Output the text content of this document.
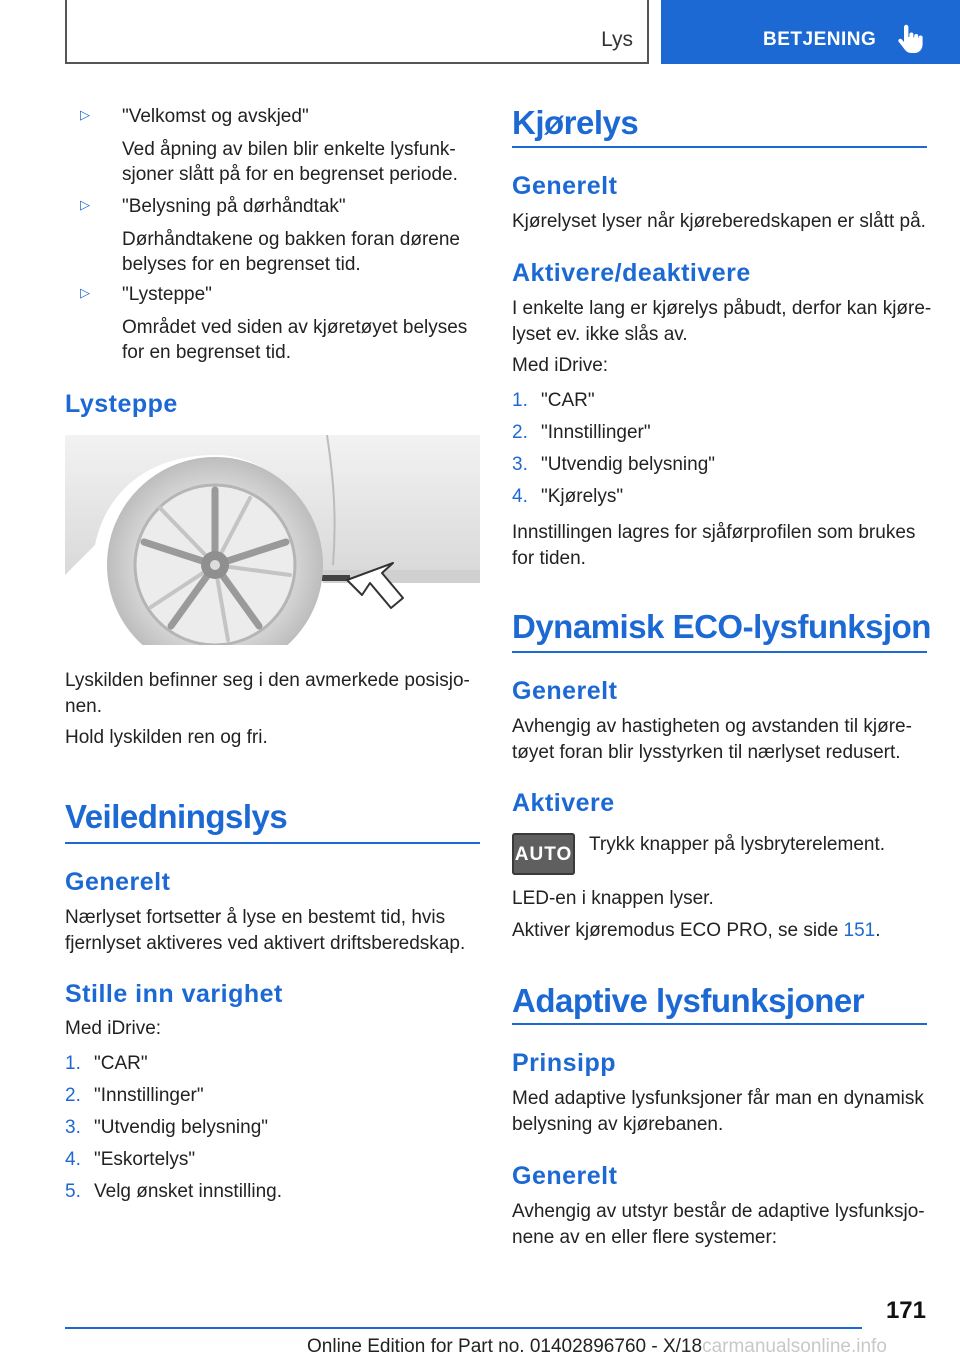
Lys	BETJENING
▷ "Velkomst og avskjed"
Ved åpning av bilen blir enkelte lysfunk-
sjoner slått på for en begrenset periode.
▷ "Belysning på dørhåndtak"
Dørhåndtakene og bakken foran dørene
belyses for en begrenset tid.
▷ "Lysteppe"
Området ved siden av kjøretøyet belyses
for en begrenset tid.
Lysteppe
Lyskilden befinner seg i den avmerkede posisjo-
nen.
Hold lyskilden ren og fri.
Veiledningslys
Generelt
Nærlyset fortsetter å lyse en bestemt tid, hvis
fjernlyset aktiveres ved aktivert driftsberedskap.
Stille inn varighet
Med iDrive:
1. "CAR"
2. "Innstillinger"
3. "Utvendig belysning"
4. "Eskortelys"
5. Velg ønsket innstilling.
Kjørelys
Generelt
Kjørelyset lyser når kjøreberedskapen er slått på.
Aktivere/deaktivere
I enkelte lang er kjørelys påbudt, derfor kan kjøre-
lyset ev. ikke slås av.
Med iDrive:
1. "CAR"
2. "Innstillinger"
3. "Utvendig belysning"
4. "Kjørelys"
Innstillingen lagres for sjåførprofilen som brukes
for tiden.
Dynamisk ECO-lysfunksjon
Generelt
Avhengig av hastigheten og avstanden til kjøre-
tøyet foran blir lysstyrken til nærlyset redusert.
Aktivere
AUTO Trykk knapper på lysbryterelement.
LED-en i knappen lyser.
Aktiver kjøremodus ECO PRO, se side 151.
Adaptive lysfunksjoner
Prinsipp
Med adaptive lysfunksjoner får man en dynamisk
belysning av kjørebanen.
Generelt
Avhengig av utstyr består de adaptive lysfunksjo-
nene av en eller flere systemer:
171
Online Edition for Part no. 01402896760 - X/18carmanualsonline.info
